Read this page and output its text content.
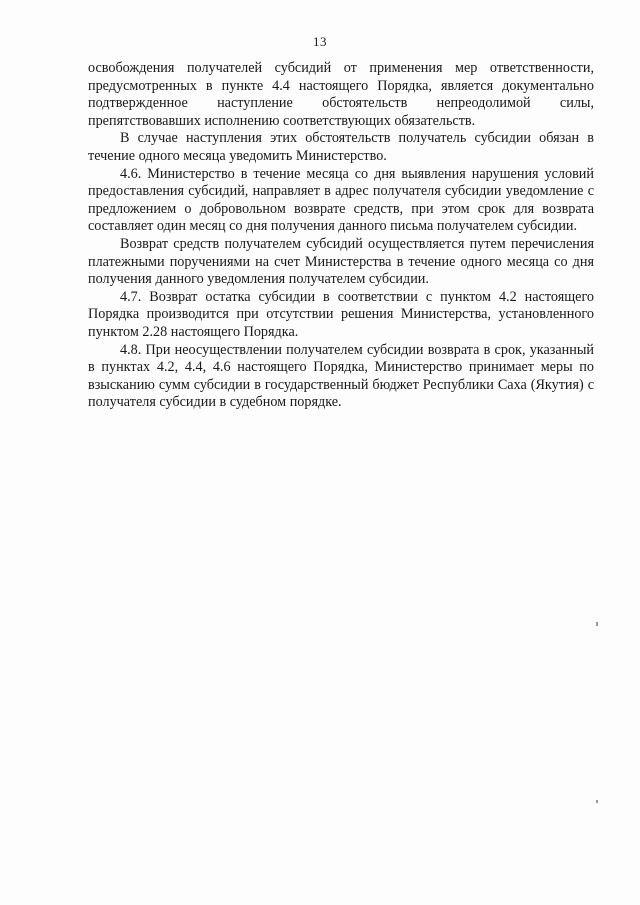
13

освобождения получателей субсидий от применения мер ответственности, предусмотренных в пункте 4.4 настоящего Порядка, является документально подтвержденное наступление обстоятельств непреодолимой силы, препятствовавших исполнению соответствующих обязательств.

В случае наступления этих обстоятельств получатель субсидии обязан в течение одного месяца уведомить Министерство.

4.6. Министерство в течение месяца со дня выявления нарушения условий предоставления субсидий, направляет в адрес получателя субсидии уведомление с предложением о добровольном возврате средств, при этом срок для возврата составляет один месяц со дня получения данного письма получателем субсидии.

Возврат средств получателем субсидий осуществляется путем перечисления платежными поручениями на счет Министерства в течение одного месяца со дня получения данного уведомления получателем субсидии.

4.7. Возврат остатка субсидии в соответствии с пунктом 4.2 настоящего Порядка производится при отсутствии решения Министерства, установленного пунктом 2.28 настоящего Порядка.

4.8. При неосуществлении получателем субсидии возврата в срок, указанный в пунктах 4.2, 4.4, 4.6 настоящего Порядка, Министерство принимает меры по взысканию сумм субсидии в государственный бюджет Республики Саха (Якутия) с получателя субсидии в судебном порядке.
